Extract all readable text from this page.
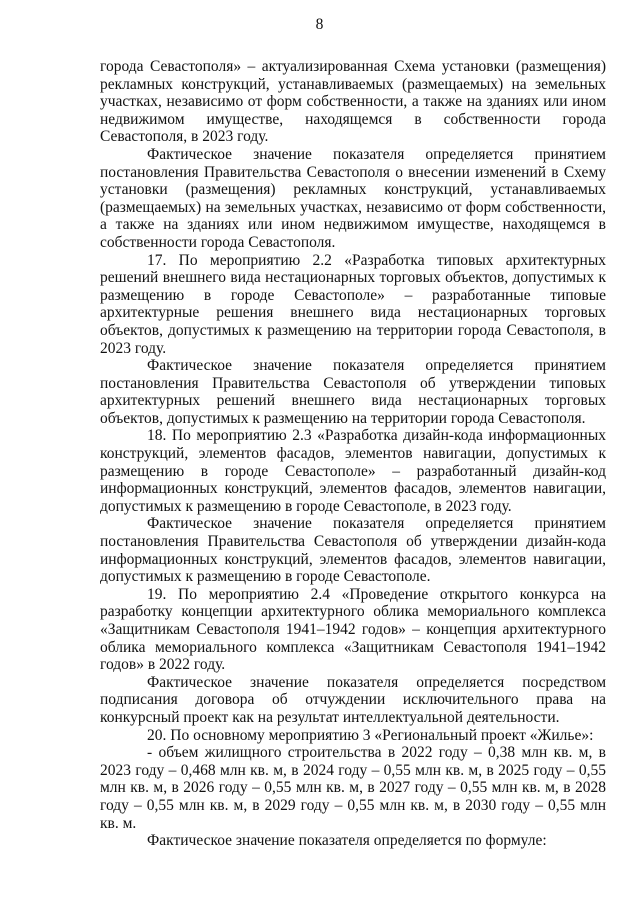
8

города Севастополя» – актуализированная Схема установки (размещения) рекламных конструкций, устанавливаемых (размещаемых) на земельных участках, независимо от форм собственности, а также на зданиях или ином недвижимом имуществе, находящемся в собственности города Севастополя, в 2023 году.

Фактическое значение показателя определяется принятием постановления Правительства Севастополя о внесении изменений в Схему установки (размещения) рекламных конструкций, устанавливаемых (размещаемых) на земельных участках, независимо от форм собственности, а также на зданиях или ином недвижимом имуществе, находящемся в собственности города Севастополя.

17. По мероприятию 2.2 «Разработка типовых архитектурных решений внешнего вида нестационарных торговых объектов, допустимых к размещению в городе Севастополе» – разработанные типовые архитектурные решения внешнего вида нестационарных торговых объектов, допустимых к размещению на территории города Севастополя, в 2023 году.

Фактическое значение показателя определяется принятием постановления Правительства Севастополя об утверждении типовых архитектурных решений внешнего вида нестационарных торговых объектов, допустимых к размещению на территории города Севастополя.

18. По мероприятию 2.3 «Разработка дизайн-кода информационных конструкций, элементов фасадов, элементов навигации, допустимых к размещению в городе Севастополе» – разработанный дизайн-код информационных конструкций, элементов фасадов, элементов навигации, допустимых к размещению в городе Севастополе, в 2023 году.

Фактическое значение показателя определяется принятием постановления Правительства Севастополя об утверждении дизайн-кода информационных конструкций, элементов фасадов, элементов навигации, допустимых к размещению в городе Севастополе.

19. По мероприятию 2.4 «Проведение открытого конкурса на разработку концепции архитектурного облика мемориального комплекса «Защитникам Севастополя 1941–1942 годов» – концепция архитектурного облика мемориального комплекса «Защитникам Севастополя 1941–1942 годов» в 2022 году.

Фактическое значение показателя определяется посредством подписания договора об отчуждении исключительного права на конкурсный проект как на результат интеллектуальной деятельности.

20. По основному мероприятию 3 «Региональный проект «Жилье»:

- объем жилищного строительства в 2022 году – 0,38 млн кв. м, в 2023 году – 0,468 млн кв. м, в 2024 году – 0,55 млн кв. м, в 2025 году – 0,55 млн кв. м, в 2026 году – 0,55 млн кв. м, в 2027 году – 0,55 млн кв. м, в 2028 году – 0,55 млн кв. м, в 2029 году – 0,55 млн кв. м, в 2030 году – 0,55 млн кв. м.

Фактическое значение показателя определяется по формуле:
